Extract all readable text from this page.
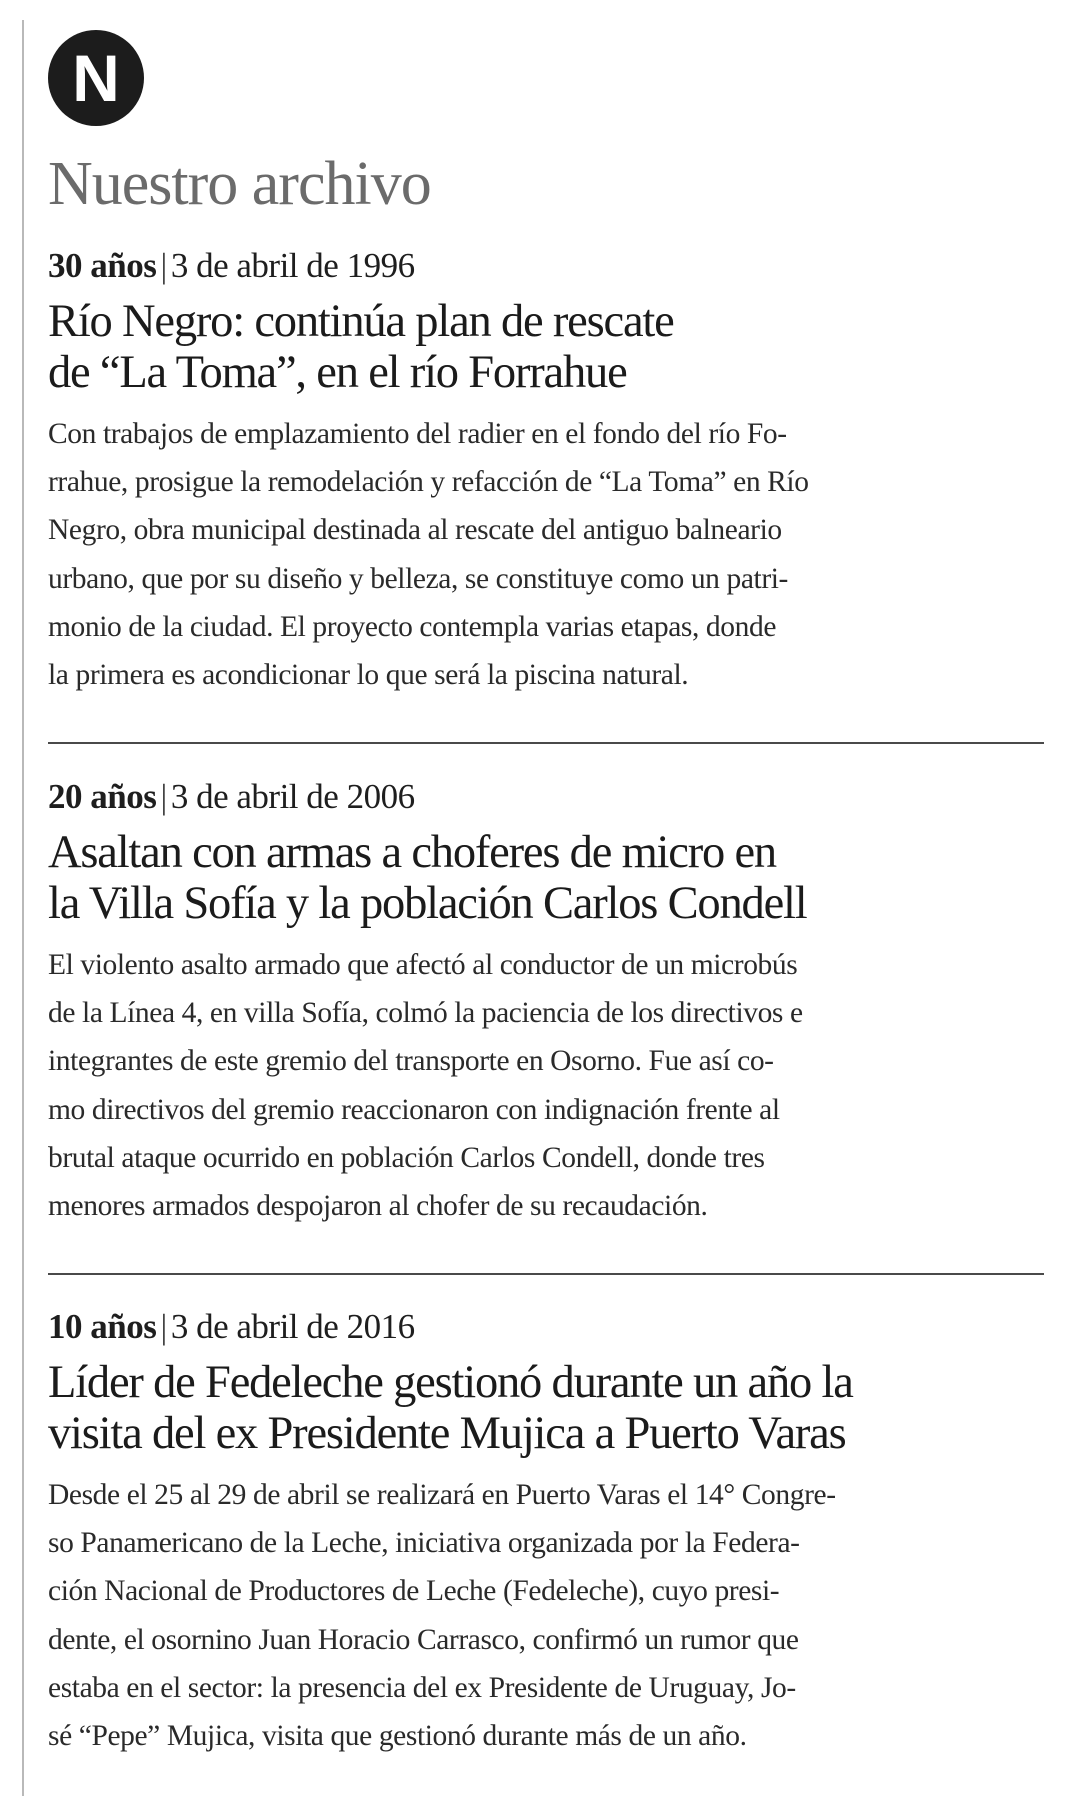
N
Nuestro archivo
30 años | 3 de abril de 1996
Río Negro: continúa plan de rescate
de “La Toma”, en el río Forrahue
Con trabajos de emplazamiento del radier en el fondo del río Fo-
rrahue, prosigue la remodelación y refacción de “La Toma” en Río
Negro, obra municipal destinada al rescate del antiguo balneario
urbano, que por su diseño y belleza, se constituye como un patri-
monio de la ciudad. El proyecto contempla varias etapas, donde
la primera es acondicionar lo que será la piscina natural.
20 años | 3 de abril de 2006
Asaltan con armas a choferes de micro en
la Villa Sofía y la población Carlos Condell
El violento asalto armado que afectó al conductor de un microbús
de la Línea 4, en villa Sofía, colmó la paciencia de los directivos e
integrantes de este gremio del transporte en Osorno. Fue así co-
mo directivos del gremio reaccionaron con indignación frente al
brutal ataque ocurrido en población Carlos Condell, donde tres
menores armados despojaron al chofer de su recaudación.
10 años | 3 de abril de 2016
Líder de Fedeleche gestionó durante un año la
visita del ex Presidente Mujica a Puerto Varas
Desde el 25 al 29 de abril se realizará en Puerto Varas el 14° Congre-
so Panamericano de la Leche, iniciativa organizada por la Federa-
ción Nacional de Productores de Leche (Fedeleche), cuyo presi-
dente, el osornino Juan Horacio Carrasco, confirmó un rumor que
estaba en el sector: la presencia del ex Presidente de Uruguay, Jo-
sé “Pepe” Mujica, visita que gestionó durante más de un año.
